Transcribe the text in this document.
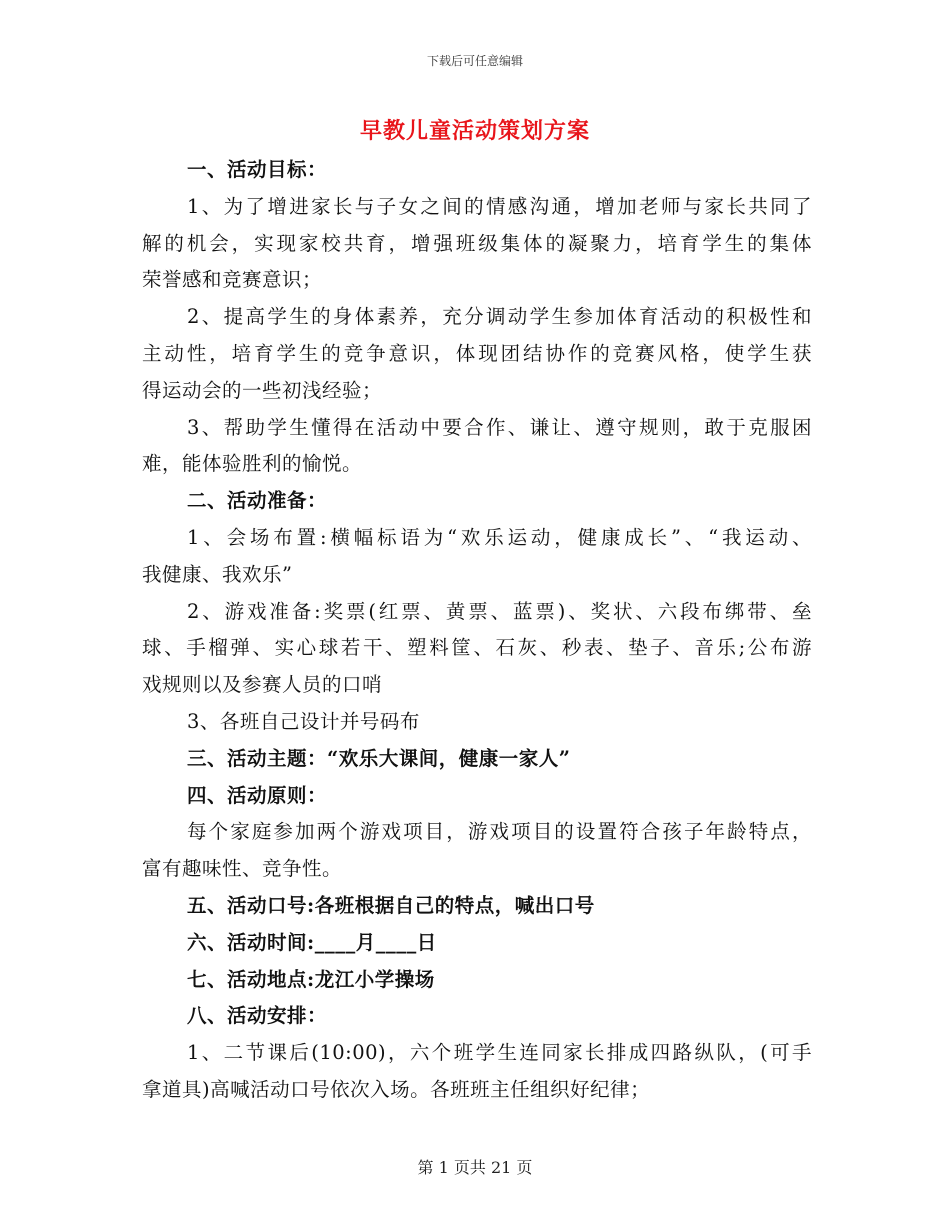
下载后可任意编辑
早教儿童活动策划方案
一、活动目标：
1、为了增进家长与子女之间的情感沟通，增加老师与家长共同了
解的机会，实现家校共育，增强班级集体的凝聚力，培育学生的集体
荣誉感和竞赛意识；
2、提高学生的身体素养，充分调动学生参加体育活动的积极性和
主动性，培育学生的竞争意识，体现团结协作的竞赛风格，使学生获
得运动会的一些初浅经验；
3、帮助学生懂得在活动中要合作、谦让、遵守规则，敢于克服困
难，能体验胜利的愉悦。
二、活动准备：
1、会场布置:横幅标语为“欢乐运动，健康成长”、“我运动、
我健康、我欢乐”
2、游戏准备:奖票(红票、黄票、蓝票)、奖状、六段布绑带、垒
球、手榴弹、实心球若干、塑料筐、石灰、秒表、垫子、音乐;公布游
戏规则以及参赛人员的口哨
3、各班自己设计并号码布
三、活动主题：“欢乐大课间，健康一家人”
四、活动原则：
每个家庭参加两个游戏项目，游戏项目的设置符合孩子年龄特点，
富有趣味性、竞争性。
五、活动口号:各班根据自己的特点，喊出口号
六、活动时间:____月____日
七、活动地点:龙江小学操场
八、活动安排：
1、二节课后(10:00)，六个班学生连同家长排成四路纵队，(可手
拿道具)高喊活动口号依次入场。各班班主任组织好纪律；
第 1 页共 21 页
